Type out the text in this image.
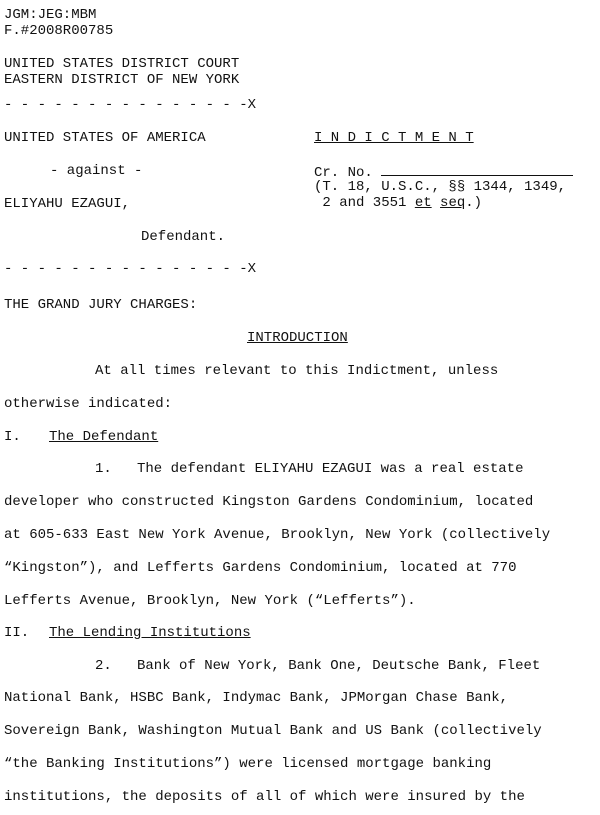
JGM:JEG:MBM
F.#2008R00785
UNITED STATES DISTRICT COURT
EASTERN DISTRICT OF NEW YORK
- - - - - - - - - - - - - - -X
UNITED STATES OF AMERICA	I N D I C T M E N T
- against -	Cr. No.
(T. 18, U.S.C., §§ 1344, 1349,
2 and 3551 et seq.)
ELIYAHU EZAGUI,
Defendant.
- - - - - - - - - - - - - - -X
THE GRAND JURY CHARGES:
INTRODUCTION
At all times relevant to this Indictment, unless
otherwise indicated:
I. The Defendant
1.   The defendant ELIYAHU EZAGUI was a real estate
developer who constructed Kingston Gardens Condominium, located
at 605-633 East New York Avenue, Brooklyn, New York (collectively
“Kingston”), and Lefferts Gardens Condominium, located at 770
Lefferts Avenue, Brooklyn, New York (“Lefferts”).
II. The Lending Institutions
2.   Bank of New York, Bank One, Deutsche Bank, Fleet
National Bank, HSBC Bank, Indymac Bank, JPMorgan Chase Bank,
Sovereign Bank, Washington Mutual Bank and US Bank (collectively
“the Banking Institutions”) were licensed mortgage banking
institutions, the deposits of all of which were insured by the
